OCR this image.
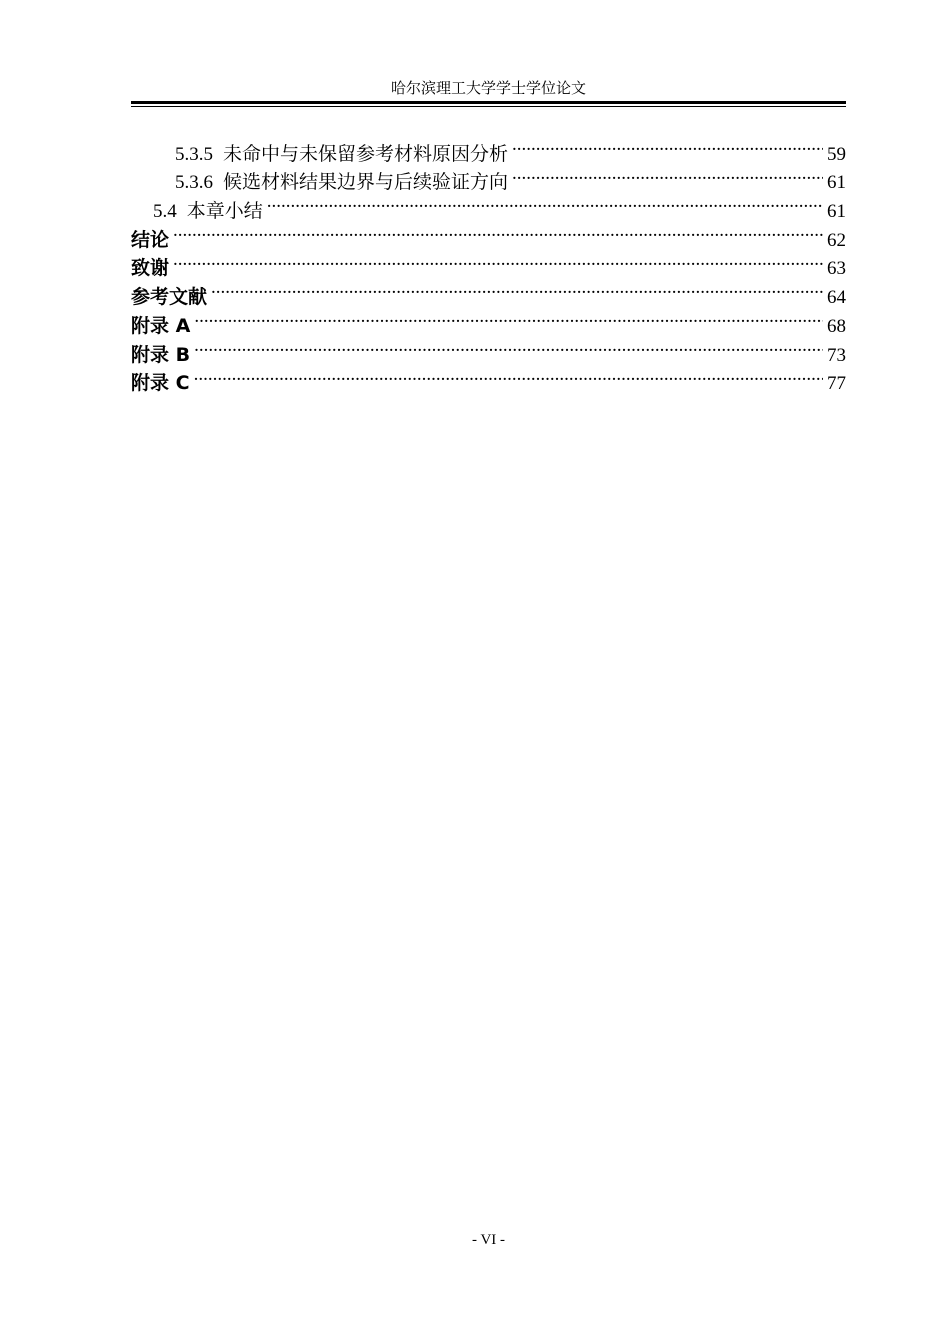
哈尔滨理工大学学士学位论文
5.3.5 未命中与未保留参考材料原因分析 .....	59
5.3.6 候选材料结果边界与后续验证方向 .....	61
5.4 本章小结 .....	61
结论 .....	62
致谢 .....	63
参考文献 .....	64
附录 A .....	68
附录 B .....	73
附录 C .....	77
- VI -
